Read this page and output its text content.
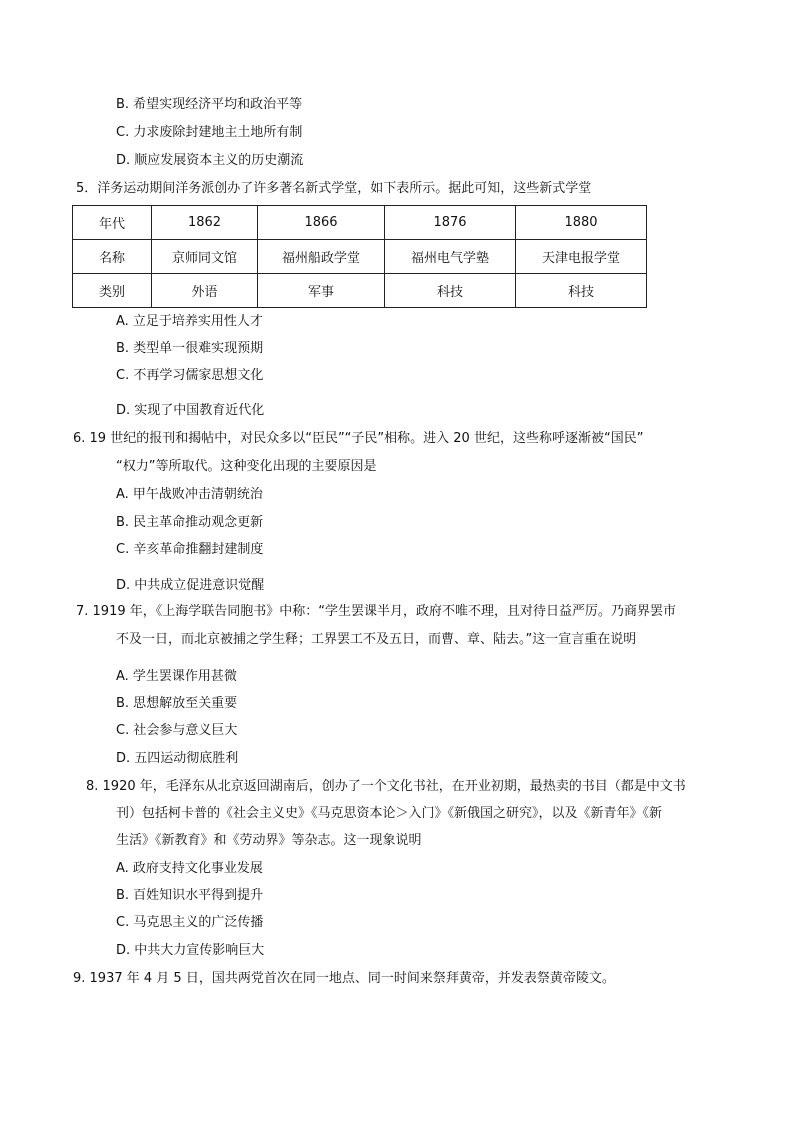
B. 希望实现经济平均和政治平等
C. 力求废除封建地主土地所有制
D. 顺应发展资本主义的历史潮流
5．洋务运动期间洋务派创办了许多著名新式学堂，如下表所示。据此可知，这些新式学堂
年代	1862	1866	1876	1880
名称	京师同文馆	福州船政学堂	福州电气学塾	天津电报学堂
类别	外语	军事	科技	科技
A. 立足于培养实用性人才
B. 类型单一很难实现预期
C. 不再学习儒家思想文化
D. 实现了中国教育近代化
6. 19 世纪的报刊和揭帖中，对民众多以“臣民”“子民”相称。进入 20 世纪，这些称呼逐渐被“国民”
“权力”等所取代。这种变化出现的主要原因是
A. 甲午战败冲击清朝统治
B. 民主革命推动观念更新
C. 辛亥革命推翻封建制度
D. 中共成立促进意识觉醒
7. 1919 年，《上海学联告同胞书》中称：“学生罢课半月，政府不唯不理，且对待日益严厉。乃商界罢市
不及一日，而北京被捕之学生释；工界罢工不及五日，而曹、章、陆去。”这一宣言重在说明
A. 学生罢课作用甚微
B. 思想解放至关重要
C. 社会参与意义巨大
D. 五四运动彻底胜利
8. 1920 年，毛泽东从北京返回湖南后，创办了一个文化书社，在开业初期，最热卖的书目（都是中文书
刊）包括柯卡普的《社会主义史》《马克思资本论＞入门》《新俄国之研究》，以及《新青年》《新
生活》《新教育》和《劳动界》等杂志。这一现象说明
A. 政府支持文化事业发展
B. 百姓知识水平得到提升
C. 马克思主义的广泛传播
D. 中共大力宣传影响巨大
9. 1937 年 4 月 5 日，国共两党首次在同一地点、同一时间来祭拜黄帝，并发表祭黄帝陵文。
